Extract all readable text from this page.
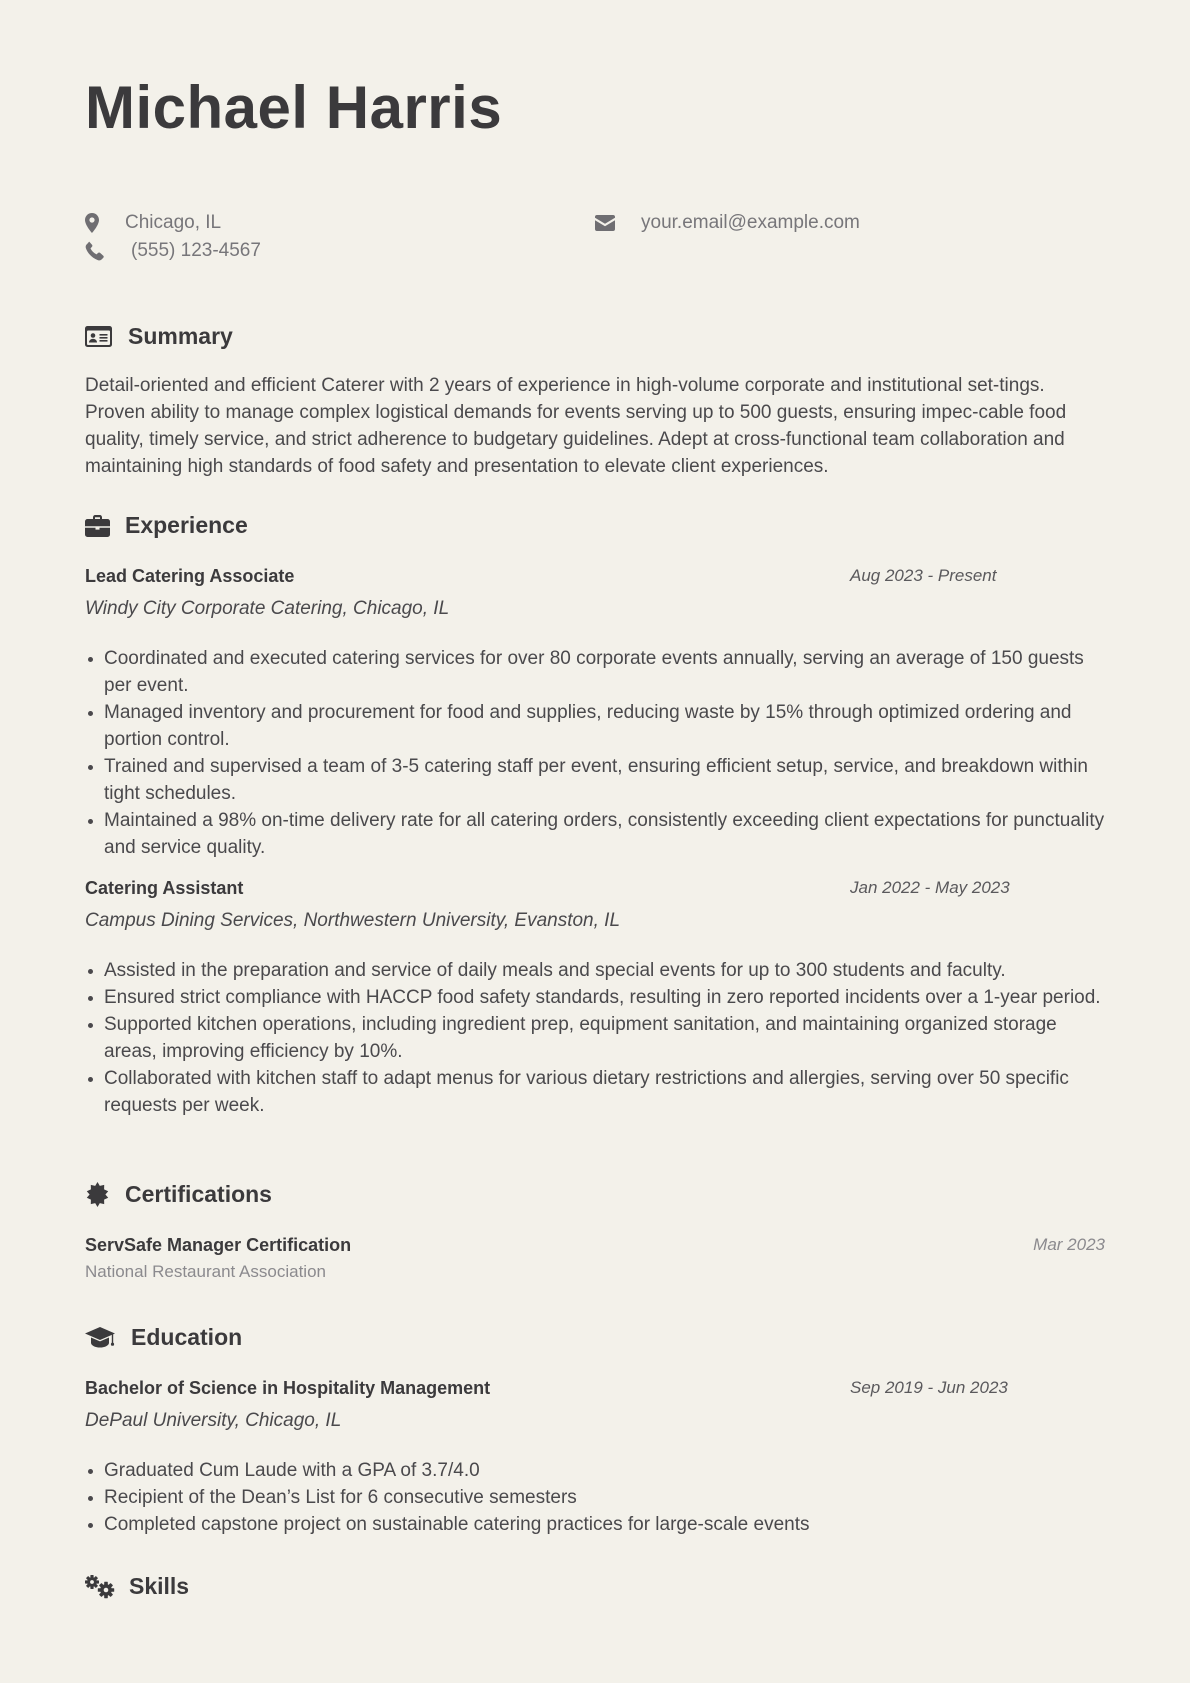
Michael Harris
Chicago, IL
(555) 123-4567
your.email@example.com
Summary

Detail-oriented and efficient Caterer with 2 years of experience in high-volume corporate and institutional set-tings. Proven ability to manage complex logistical demands for events serving up to 500 guests, ensuring impec-cable food quality, timely service, and strict adherence to budgetary guidelines. Adept at cross-functional team collaboration and maintaining high standards of food safety and presentation to elevate client experiences.

Experience
Lead Catering Associate	Aug 2023 - Present
Windy City Corporate Catering, Chicago, IL
Coordinated and executed catering services for over 80 corporate events annually, serving an average of 150 guests per event.
Managed inventory and procurement for food and supplies, reducing waste by 15% through optimized ordering and portion control.
Trained and supervised a team of 3-5 catering staff per event, ensuring efficient setup, service, and breakdown within tight schedules.
Maintained a 98% on-time delivery rate for all catering orders, consistently exceeding client expectations for punctuality and service quality.
Catering Assistant	Jan 2022 - May 2023
Campus Dining Services, Northwestern University, Evanston, IL
Assisted in the preparation and service of daily meals and special events for up to 300 students and faculty.
Ensured strict compliance with HACCP food safety standards, resulting in zero reported incidents over a 1-year period.
Supported kitchen operations, including ingredient prep, equipment sanitation, and maintaining organized storage areas, improving efficiency by 10%.
Collaborated with kitchen staff to adapt menus for various dietary restrictions and allergies, serving over 50 specific requests per week.
Certifications
ServSafe Manager Certification	Mar 2023
National Restaurant Association
Education
Bachelor of Science in Hospitality Management	Sep 2019 - Jun 2023
DePaul University, Chicago, IL
Graduated Cum Laude with a GPA of 3.7/4.0
Recipient of the Dean’s List for 6 consecutive semesters
Completed capstone project on sustainable catering practices for large-scale events
Skills
